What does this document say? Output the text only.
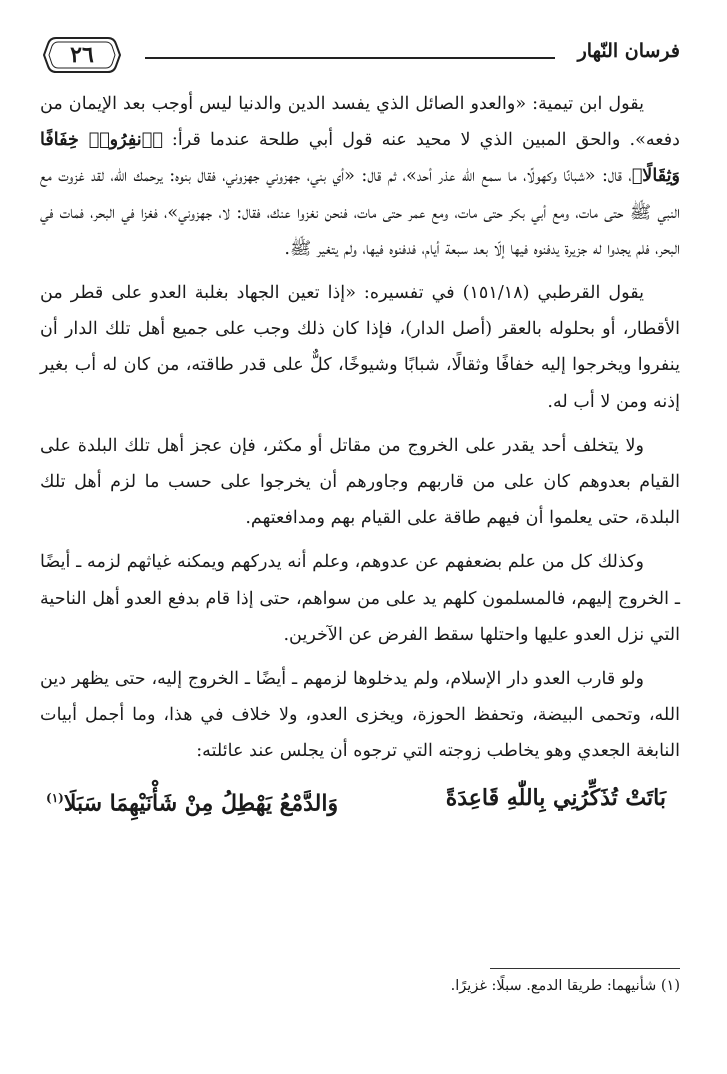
٢٦	فرسان النّهار

يقول ابن تيمية: «والعدو الصائل الذي يفسد الدين والدنيا ليس أوجب بعد الإيمان من دفعه». والحق المبين الذي لا محيد عنه قول أبي طلحة عندما قرأ: ﴿ٱنفِرُوا۟ خِفَافًا وَثِقَالًا﴾، قال: «شبانًا وكهولًا، ما سمع الله عذر أحد»، ثم قال: «أي بني، جهزوني جهزوني، فقال بنوه: يرحمك الله، لقد غزوت مع النبي ﷺ حتى مات، ومع أبي بكر حتى مات، ومع عمر حتى مات، فنحن نغزوا عنك، فقال: لا، جهزوني»، فغزا في البحر، فمات في البحر، فلم يجدوا له جزيرة يدفنوه فيها إلّا بعد سبعة أيام، فدفنوه فيها، ولم يتغير ﷺ.

يقول القرطبي (١٥١/١٨) في تفسيره: «إذا تعين الجهاد بغلبة العدو على قطر من الأقطار، أو بحلوله بالعقر (أصل الدار)، فإذا كان ذلك وجب على جميع أهل تلك الدار أن ينفروا ويخرجوا إليه خفافًا وثقالًا، شبابًا وشيوخًا، كلٌّ على قدر طاقته، من كان له أب بغير إذنه ومن لا أب له.

ولا يتخلف أحد يقدر على الخروج من مقاتل أو مكثر، فإن عجز أهل تلك البلدة على القيام بعدوهم كان على من قاربهم وجاورهم أن يخرجوا على حسب ما لزم أهل تلك البلدة، حتى يعلموا أن فيهم طاقة على القيام بهم ومدافعتهم.

وكذلك كل من علم بضعفهم عن عدوهم، وعلم أنه يدركهم ويمكنه غياثهم لزمه ـ أيضًا ـ الخروج إليهم، فالمسلمون كلهم يد على من سواهم، حتى إذا قام بدفع العدو أهل الناحية التي نزل العدو عليها واحتلها سقط الفرض عن الآخرين.

ولو قارب العدو دار الإسلام، ولم يدخلوها لزمهم ـ أيضًا ـ الخروج إليه، حتى يظهر دين الله، وتحمى البيضة، وتحفظ الحوزة، ويخزى العدو، ولا خلاف في هذا، وما أجمل أبيات النابغة الجعدي وهو يخاطب زوجته التي ترجوه أن يجلس عند عائلته:

بَاتَتْ تُذَكِّرُنِي بِاللّٰهِ قَاعِدَةً
وَالدَّمْعُ يَهْطِلُ مِنْ شَأْنَيْهِمَا سَبَلَا$^{(١)}$
(١) شأنيهما: طريقا الدمع. سبلًا: غزيرًا.
